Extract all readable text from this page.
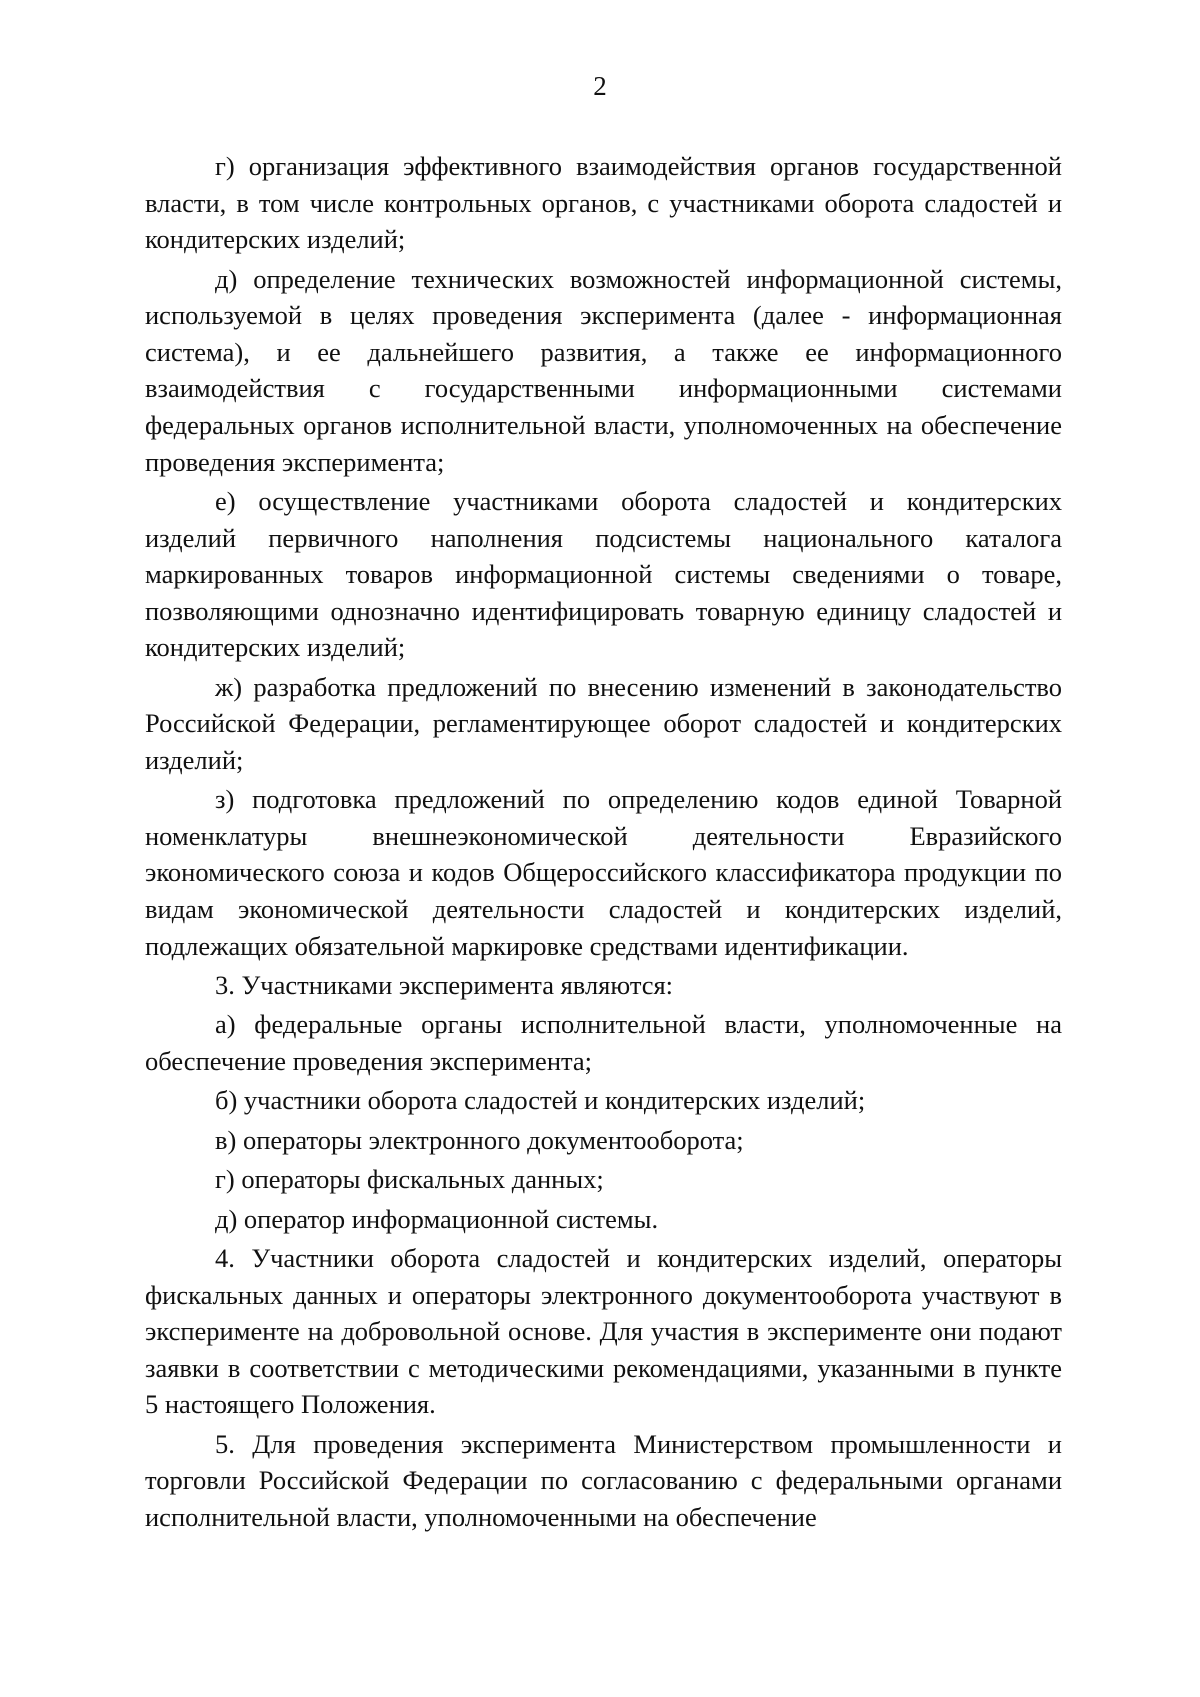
2

г) организация эффективного взаимодействия органов государственной власти, в том числе контрольных органов, с участниками оборота сладостей и кондитерских изделий;

д) определение технических возможностей информационной системы, используемой в целях проведения эксперимента (далее - информационная система), и ее дальнейшего развития, а также ее информационного взаимодействия с государственными информационными системами федеральных органов исполнительной власти, уполномоченных на обеспечение проведения эксперимента;

е) осуществление участниками оборота сладостей и кондитерских изделий первичного наполнения подсистемы национального каталога маркированных товаров информационной системы сведениями о товаре, позволяющими однозначно идентифицировать товарную единицу сладостей и кондитерских изделий;

ж) разработка предложений по внесению изменений в законодательство Российской Федерации, регламентирующее оборот сладостей и кондитерских изделий;

з) подготовка предложений по определению кодов единой Товарной номенклатуры внешнеэкономической деятельности Евразийского экономического союза и кодов Общероссийского классификатора продукции по видам экономической деятельности сладостей и кондитерских изделий, подлежащих обязательной маркировке средствами идентификации.

3. Участниками эксперимента являются:

а) федеральные органы исполнительной власти, уполномоченные на обеспечение проведения эксперимента;

б) участники оборота сладостей и кондитерских изделий;

в) операторы электронного документооборота;

г) операторы фискальных данных;

д) оператор информационной системы.

4. Участники оборота сладостей и кондитерских изделий, операторы фискальных данных и операторы электронного документооборота участвуют в эксперименте на добровольной основе. Для участия в эксперименте они подают заявки в соответствии с методическими рекомендациями, указанными в пункте 5 настоящего Положения.

5. Для проведения эксперимента Министерством промышленности и торговли Российской Федерации по согласованию с федеральными органами исполнительной власти, уполномоченными на обеспечение
